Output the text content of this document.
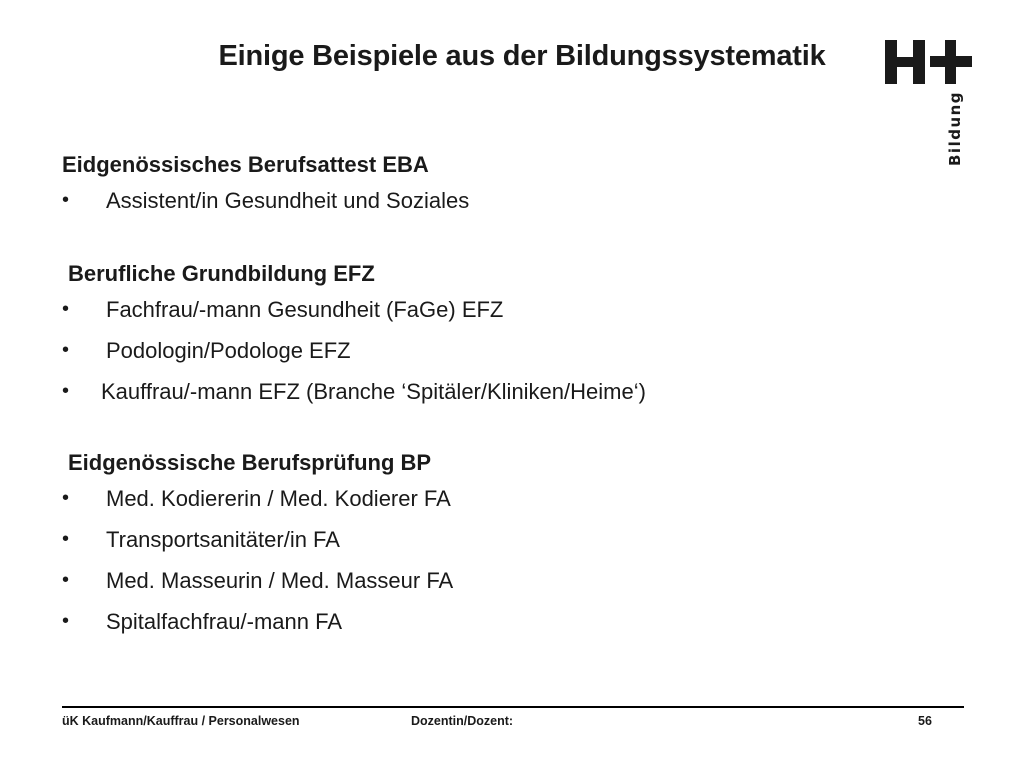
Einige Beispiele aus der Bildungssystematik
Bildung
Eidgenössisches Berufsattest EBA
• Assistent/in Gesundheit und Soziales
Berufliche Grundbildung EFZ
• Fachfrau/-mann Gesundheit (FaGe) EFZ
• Podologin/Podologe EFZ
• Kauffrau/-mann EFZ (Branche ‘Spitäler/Kliniken/Heime‘)
Eidgenössische Berufsprüfung BP
• Med. Kodiererin / Med. Kodierer FA
• Transportsanitäter/in FA
• Med. Masseurin / Med. Masseur FA
• Spitalfachfrau/-mann FA
üK Kaufmann/Kauffrau / Personalwesen	Dozentin/Dozent:	56
